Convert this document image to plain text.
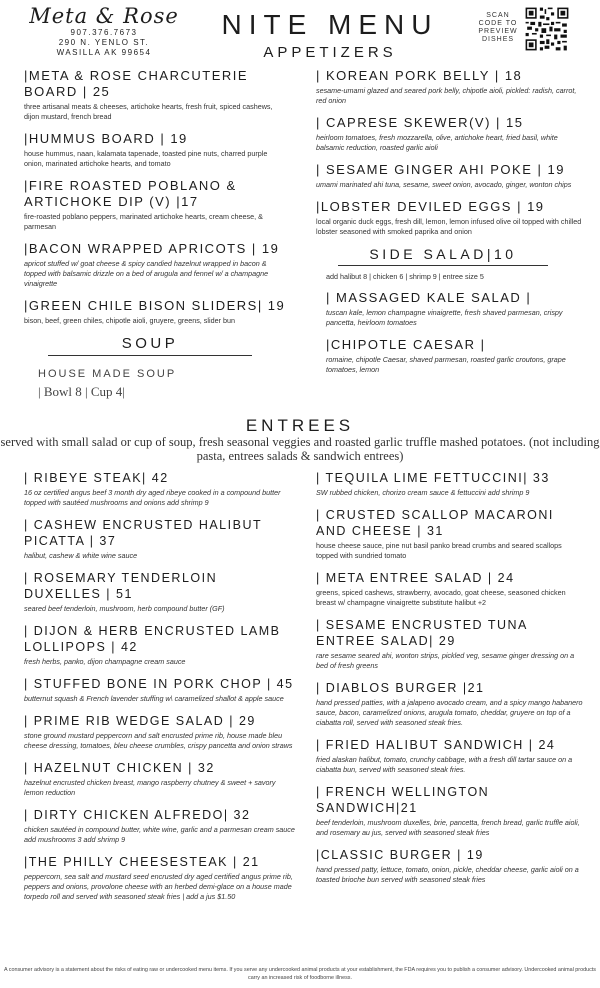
Meta & Rose
907.376.7673
290 N. YENLO ST.
WASILLA AK 99654
NITE MENU
APPETIZERS
SCAN CODE TO PREVIEW DISHES
|META & ROSE CHARCUTERIE BOARD | 25
three artisanal meats & cheeses, artichoke hearts, fresh fruit, spiced cashews, dijon mustard, french bread
|HUMMUS BOARD | 19
house hummus, naan, kalamata tapenade, toasted pine nuts, charred purple onion, marinated artichoke hearts, and tomato
|FIRE ROASTED POBLANO & ARTICHOKE DIP (V) |17
fire-roasted poblano peppers, marinated artichoke hearts, cream cheese, & parmesan
|BACON WRAPPED APRICOTS | 19
apricot stuffed w/ goat cheese & spicy candied hazelnut wrapped in bacon & topped with balsamic drizzle on a bed of arugula and fennel w/ a champagne vinaigrette
|GREEN CHILE BISON SLIDERS| 19
bison, beef, green chiles, chipotle aioli, gruyere, greens, slider bun
SOUP
HOUSE MADE SOUP
| Bowl 8 | Cup 4|
| KOREAN PORK BELLY | 18
sesame-umami glazed and seared pork belly, chipotle aioli, pickled: radish, carrot, red onion
| CAPRESE SKEWER(V) | 15
heirloom tomatoes, fresh mozzarella, olive, artichoke heart, fried basil, white balsamic reduction, roasted garlic aioli
| SESAME GINGER AHI POKE | 19
umami marinated ahi tuna, sesame, sweet onion, avocado, ginger, wonton chips
|LOBSTER DEVILED EGGS | 19
local organic duck eggs, fresh dill, lemon, lemon infused olive oil topped with chilled lobster seasoned with smoked paprika and onion
SIDE SALAD|10
add halibut 8 | chicken 6 | shrimp 9 | entree size 5
| MASSAGED KALE SALAD |
tuscan kale, lemon champagne vinaigrette, fresh shaved parmesan, crispy pancetta, heirloom tomatoes
|CHIPOTLE CAESAR |
romaine, chipotle Caesar, shaved parmesan, roasted garlic croutons, grape tomatoes, lemon
ENTREES
served with small salad or cup of soup, fresh seasonal veggies and roasted garlic truffle mashed potatoes. (not including pasta, entrees salads & sandwich entrees)
| RIBEYE STEAK| 42
16 oz certified angus beef 3 month dry aged ribeye cooked in a compound butter topped with sautéed mushrooms and onions add shrimp 9
| CASHEW ENCRUSTED HALIBUT PICATTA | 37
halibut, cashew & white wine sauce
| ROSEMARY TENDERLOIN DUXELLES | 51
seared beef tenderloin, mushroom, herb compound butter (GF)
| DIJON & HERB ENCRUSTED LAMB LOLLIPOPS | 42
fresh herbs, panko, dijon champagne cream sauce
| STUFFED BONE IN PORK CHOP | 45
butternut squash & French lavender stuffing w\ caramelized shallot & apple sauce
| PRIME RIB WEDGE SALAD | 29
stone ground mustard peppercorn and salt encrusted prime rib, house made bleu cheese dressing, tomatoes, bleu cheese crumbles, crispy pancetta and onion straws
| HAZELNUT CHICKEN | 32
hazelnut encrusted chicken breast, mango raspberry chutney & sweet + savory lemon reduction
| DIRTY CHICKEN ALFREDO| 32
chicken sautéed in compound butter, white wine, garlic and a parmesan cream sauce add mushrooms 3 add shrimp 9
|THE PHILLY CHEESESTEAK | 21
peppercorn, sea salt and mustard seed encrusted dry aged certified angus prime rib, peppers and onions, provolone cheese with an herbed demi-glace on a house made torpedo roll and served with seasoned steak fries | add a jus $1.50
| TEQUILA LIME FETTUCCINI| 33
SW rubbed chicken, chorizo cream sauce & fettuccini add shrimp 9
| CRUSTED SCALLOP MACARONI AND CHEESE | 31
house cheese sauce, pine nut basil panko bread crumbs and seared scallops topped with sundried tomato
| META ENTREE SALAD | 24
greens, spiced cashews, strawberry, avocado, goat cheese, seasoned chicken breast w/ champagne vinaigrette substitute halibut +2
| SESAME ENCRUSTED TUNA ENTREE SALAD| 29
rare sesame seared ahi, wonton strips, pickled veg, sesame ginger dressing on a bed of fresh greens
| DIABLOS BURGER |21
hand pressed patties, with a jalapeno avocado cream, and a spicy mango habanero sauce, bacon, caramelized onions, arugula tomato, cheddar, gruyere on top of a ciabatta roll, served with seasoned steak fries.
| FRIED HALIBUT SANDWICH | 24
fried alaskan halibut, tomato, crunchy cabbage, with a fresh dill tartar sauce on a ciabatta bun, served with seasoned steak fries.
| FRENCH WELLINGTON SANDWICH|21
beef tenderloin, mushroom duxelles, brie, pancetta, french bread, garlic truffle aioli, and rosemary au jus, served with seasoned steak fries
|CLASSIC BURGER | 19
hand pressed patty, lettuce, tomato, onion, pickle, cheddar cheese, garlic aioli on a toasted brioche bun served with seasoned steak fries
A consumer advisory is a statement about the risks of eating raw or undercooked menu items. If you serve any undercooked animal products at your establishment, the FDA requires you to publish a consumer advisory. Undercooked animal products carry an increased risk of foodborne illness.
